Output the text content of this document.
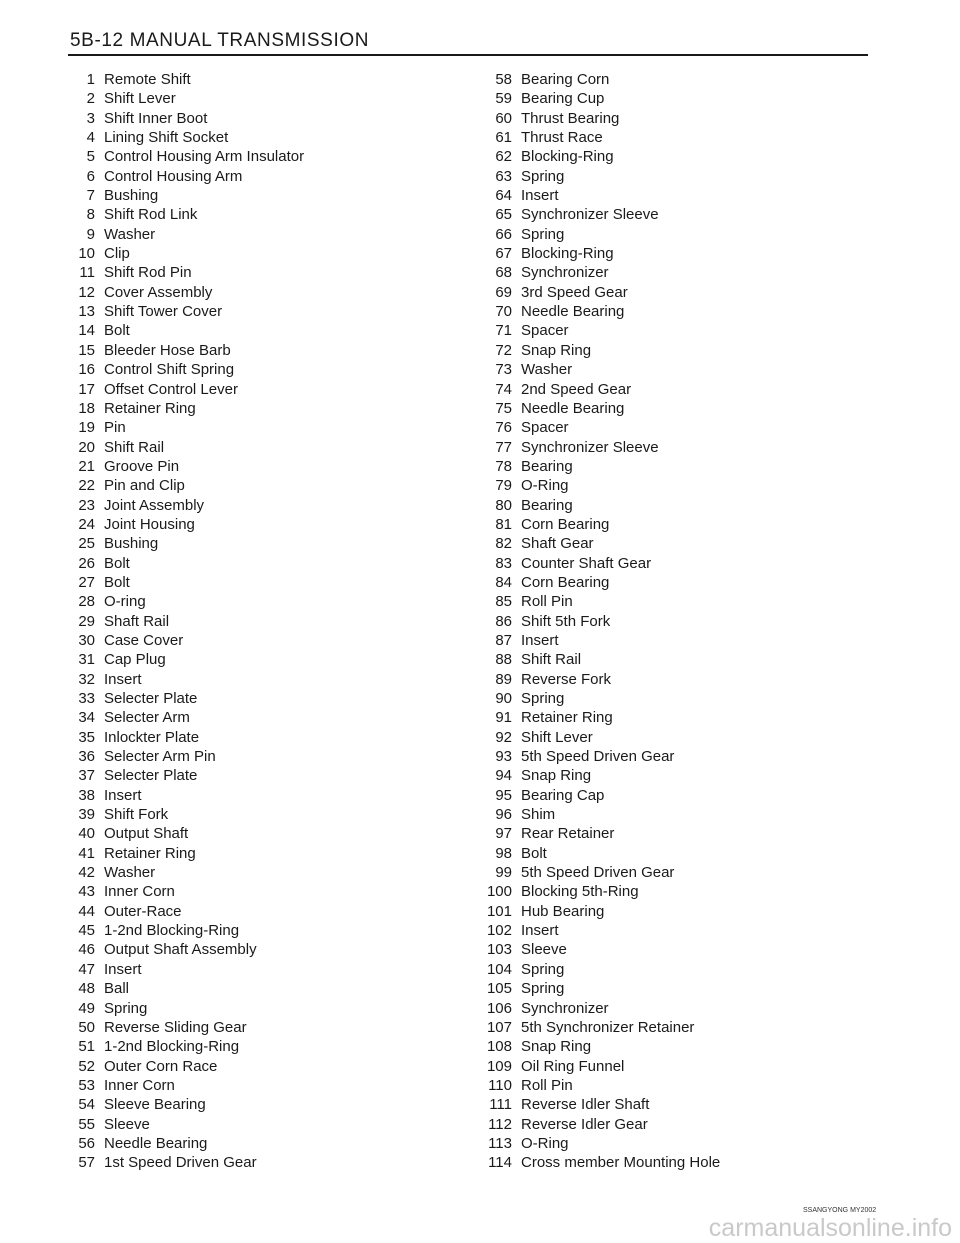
5B-12 MANUAL TRANSMISSION
1 Remote Shift
2 Shift Lever
3 Shift Inner Boot
4 Lining Shift Socket
5 Control Housing Arm Insulator
6 Control Housing Arm
7 Bushing
8 Shift Rod Link
9 Washer
10 Clip
11 Shift Rod Pin
12 Cover Assembly
13 Shift Tower Cover
14 Bolt
15 Bleeder Hose Barb
16 Control Shift Spring
17 Offset Control Lever
18 Retainer Ring
19 Pin
20 Shift Rail
21 Groove Pin
22 Pin and Clip
23 Joint Assembly
24 Joint Housing
25 Bushing
26 Bolt
27 Bolt
28 O-ring
29 Shaft Rail
30 Case Cover
31 Cap Plug
32 Insert
33 Selecter Plate
34 Selecter Arm
35 Inlockter Plate
36 Selecter Arm Pin
37 Selecter Plate
38 Insert
39 Shift Fork
40 Output Shaft
41 Retainer Ring
42 Washer
43 Inner Corn
44 Outer-Race
45 1-2nd Blocking-Ring
46 Output Shaft Assembly
47 Insert
48 Ball
49 Spring
50 Reverse Sliding Gear
51 1-2nd Blocking-Ring
52 Outer Corn Race
53 Inner Corn
54 Sleeve Bearing
55 Sleeve
56 Needle Bearing
57 1st Speed Driven Gear
58 Bearing Corn
59 Bearing Cup
60 Thrust Bearing
61 Thrust Race
62 Blocking-Ring
63 Spring
64 Insert
65 Synchronizer Sleeve
66 Spring
67 Blocking-Ring
68 Synchronizer
69 3rd Speed Gear
70 Needle Bearing
71 Spacer
72 Snap Ring
73 Washer
74 2nd Speed Gear
75 Needle Bearing
76 Spacer
77 Synchronizer Sleeve
78 Bearing
79 O-Ring
80 Bearing
81 Corn Bearing
82 Shaft Gear
83 Counter Shaft Gear
84 Corn Bearing
85 Roll Pin
86 Shift 5th Fork
87 Insert
88 Shift Rail
89 Reverse Fork
90 Spring
91 Retainer Ring
92 Shift Lever
93 5th Speed Driven Gear
94 Snap Ring
95 Bearing Cap
96 Shim
97 Rear Retainer
98 Bolt
99 5th Speed Driven Gear
100 Blocking 5th-Ring
101 Hub Bearing
102 Insert
103 Sleeve
104 Spring
105 Spring
106 Synchronizer
107 5th Synchronizer Retainer
108 Snap Ring
109 Oil Ring Funnel
110 Roll Pin
111 Reverse Idler Shaft
112 Reverse Idler Gear
113 O-Ring
114 Cross member Mounting Hole
SSANGYONG MY2002
carmanualsonline.info
